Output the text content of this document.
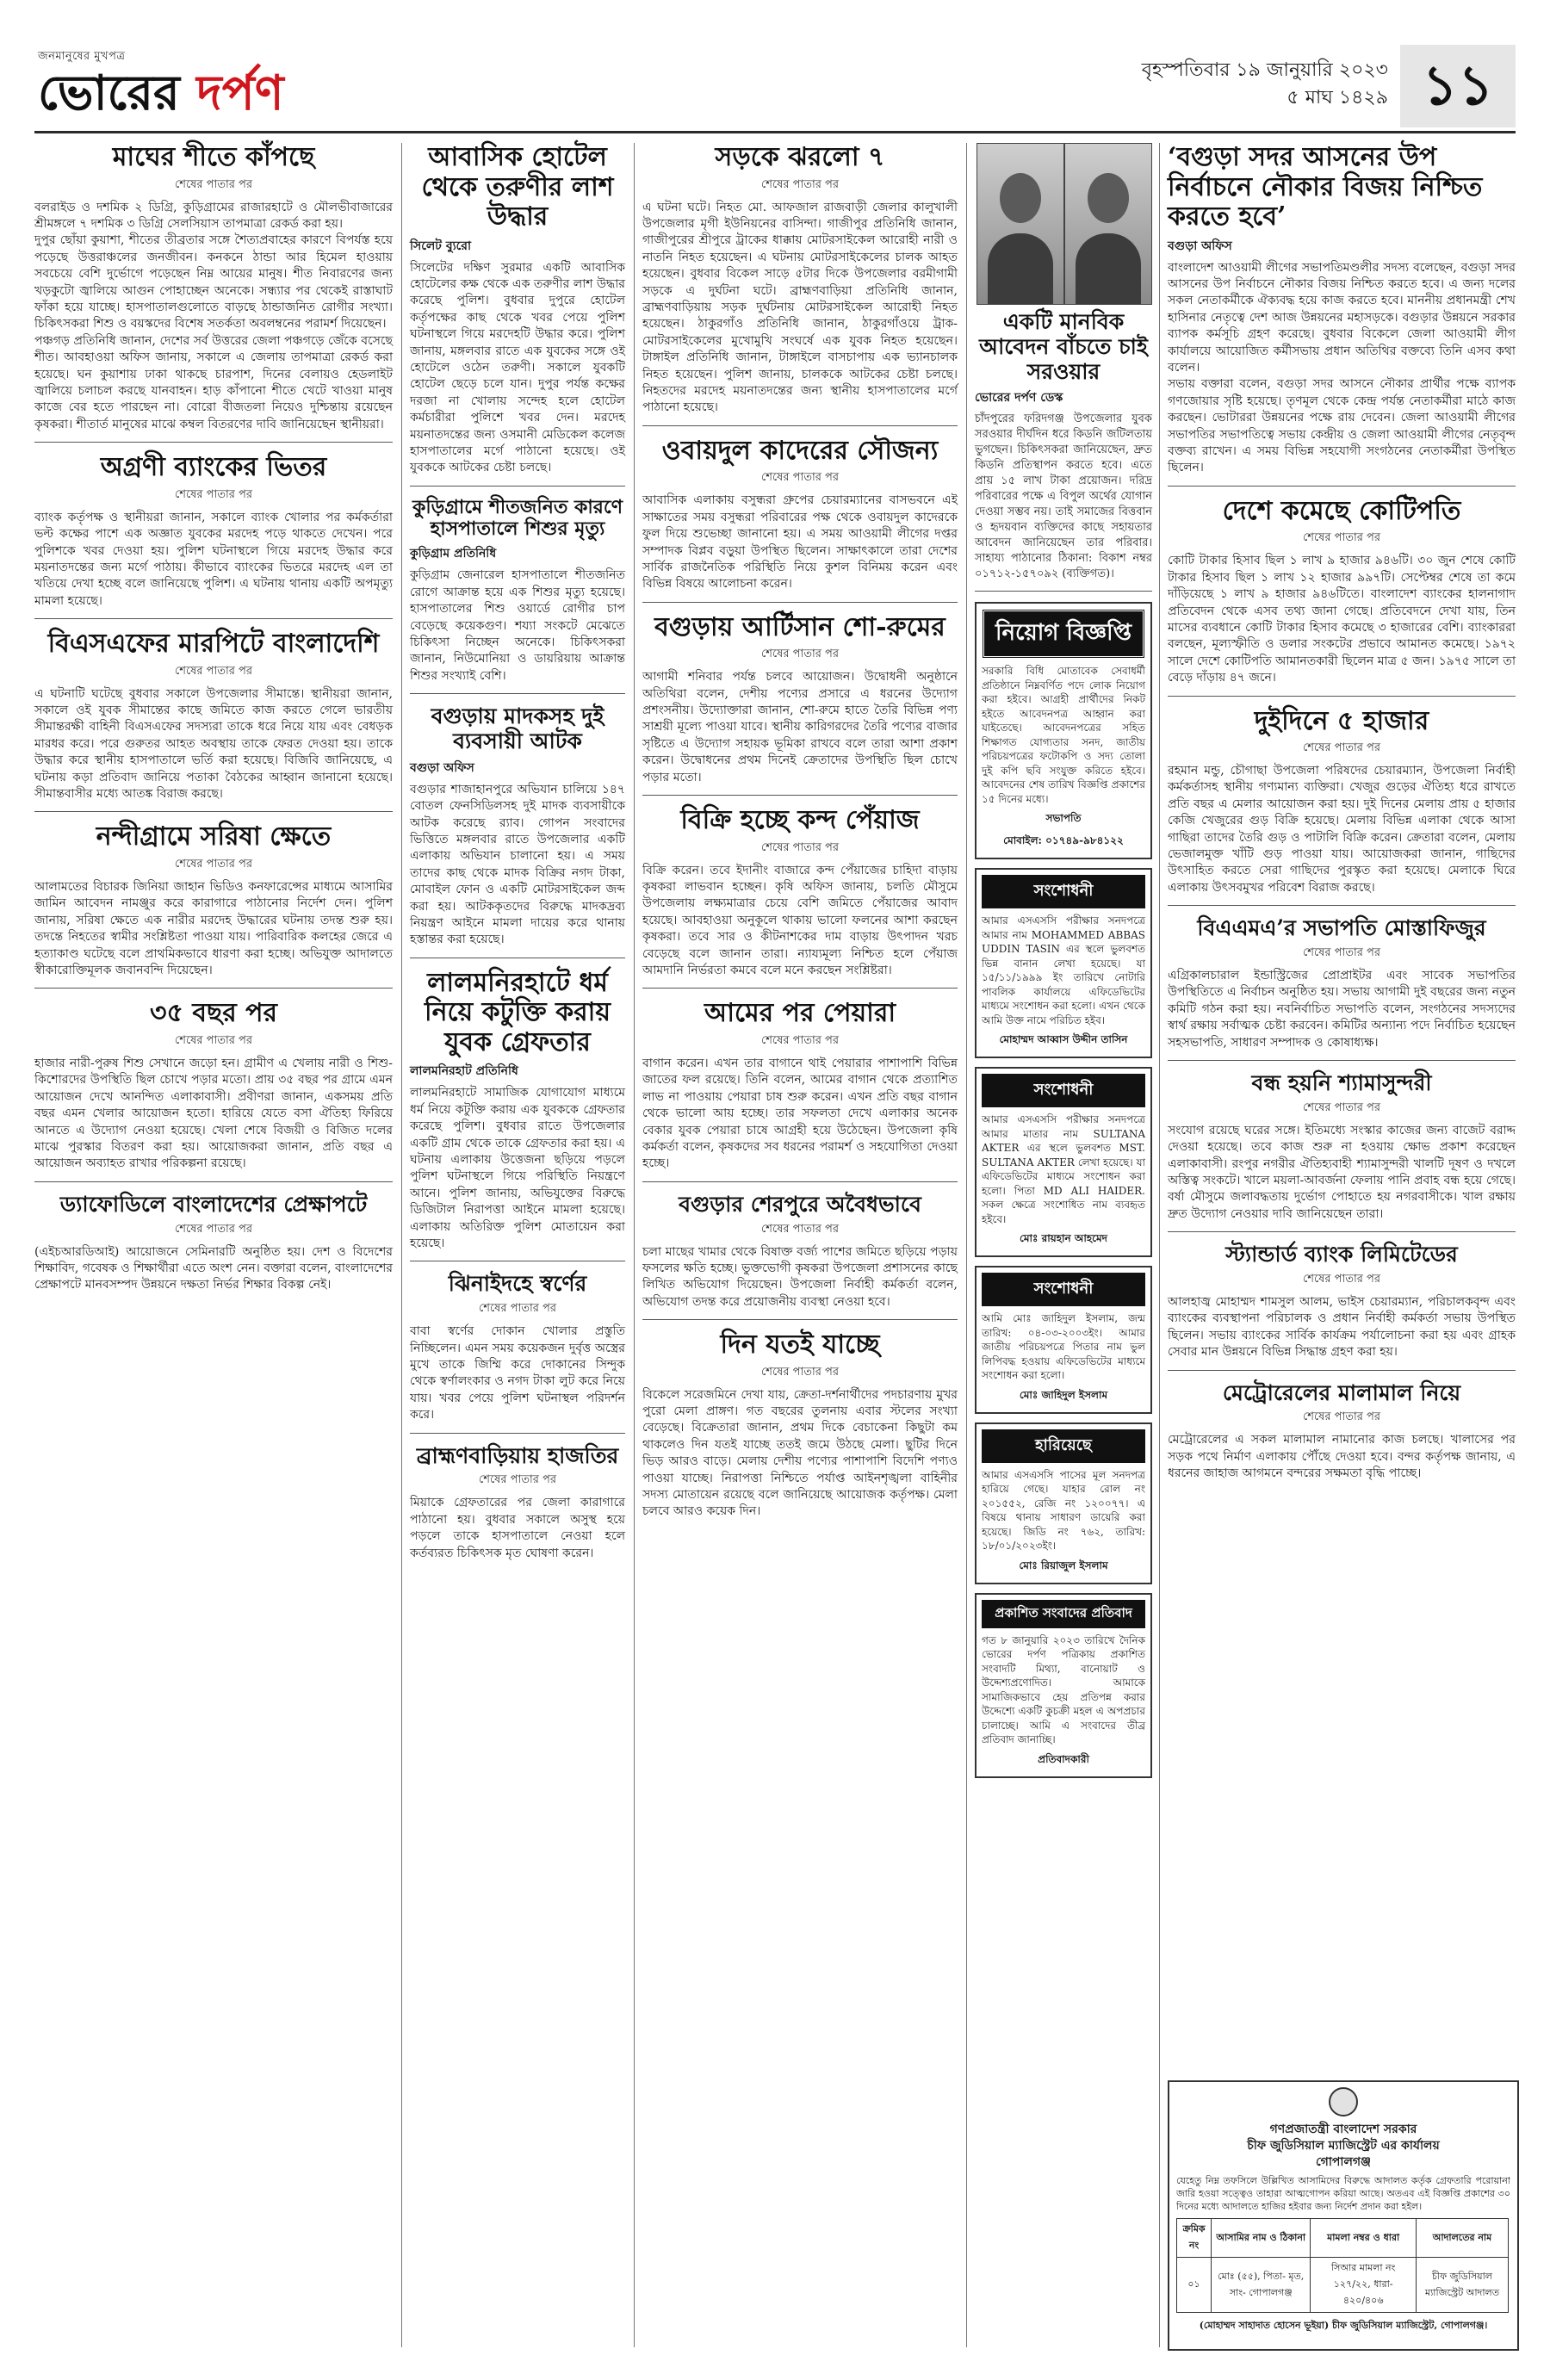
জনমানুষের মুখপত্র
ভোরের দর্পণ	বৃহস্পতিবার ১৯ জানুয়ারি ২০২৩
৫ মাঘ ১৪২৯ ১১
মাঘের শীতে কাঁপছে

শেষের পাতার পর

বলরাইড ও দশমিক ২ ডিগ্রি, কুড়িগ্রামের রাজারহাটে ও মৌলভীবাজারের শ্রীমঙ্গলে ৭ দশমিক ৩ ডিগ্রি সেলসিয়াস তাপমাত্রা রেকর্ড করা হয়।

দুপুর ছোঁয়া কুয়াশা, শীতের তীব্রতার সঙ্গে শৈত্যপ্রবাহের কারণে বিপর্যস্ত হয়ে পড়েছে উত্তরাঞ্চলের জনজীবন। কনকনে ঠান্ডা আর হিমেল হাওয়ায় সবচেয়ে বেশি দুর্ভোগে পড়েছেন নিম্ন আয়ের মানুষ। শীত নিবারণের জন্য খড়কুটো জ্বালিয়ে আগুন পোহাচ্ছেন অনেকে। সন্ধ্যার পর থেকেই রাস্তাঘাট ফাঁকা হয়ে যাচ্ছে। হাসপাতালগুলোতে বাড়ছে ঠান্ডাজনিত রোগীর সংখ্যা। চিকিৎসকরা শিশু ও বয়স্কদের বিশেষ সতর্কতা অবলম্বনের পরামর্শ দিয়েছেন।

পঞ্চগড় প্রতিনিধি জানান, দেশের সর্ব উত্তরের জেলা পঞ্চগড়ে জেঁকে বসেছে শীত। আবহাওয়া অফিস জানায়, সকালে এ জেলায় তাপমাত্রা রেকর্ড করা হয়েছে। ঘন কুয়াশায় ঢাকা থাকছে চারপাশ, দিনের বেলায়ও হেডলাইট জ্বালিয়ে চলাচল করছে যানবাহন। হাড় কাঁপানো শীতে খেটে খাওয়া মানুষ কাজে বের হতে পারছেন না। বোরো বীজতলা নিয়েও দুশ্চিন্তায় রয়েছেন কৃষকরা। শীতার্ত মানুষের মাঝে কম্বল বিতরণের দাবি জানিয়েছেন স্থানীয়রা।

অগ্রণী ব্যাংকের ভিতর

শেষের পাতার পর

ব্যাংক কর্তৃপক্ষ ও স্থানীয়রা জানান, সকালে ব্যাংক খোলার পর কর্মকর্তারা ভল্ট কক্ষের পাশে এক অজ্ঞাত যুবকের মরদেহ পড়ে থাকতে দেখেন। পরে পুলিশকে খবর দেওয়া হয়। পুলিশ ঘটনাস্থলে গিয়ে মরদেহ উদ্ধার করে ময়নাতদন্তের জন্য মর্গে পাঠায়। কীভাবে ব্যাংকের ভিতরে মরদেহ এল তা খতিয়ে দেখা হচ্ছে বলে জানিয়েছে পুলিশ। এ ঘটনায় থানায় একটি অপমৃত্যু মামলা হয়েছে।

বিএসএফের মারপিটে বাংলাদেশি

শেষের পাতার পর

এ ঘটনাটি ঘটেছে বুধবার সকালে উপজেলার সীমান্তে। স্থানীয়রা জানান, সকালে ওই যুবক সীমান্তের কাছে জমিতে কাজ করতে গেলে ভারতীয় সীমান্তরক্ষী বাহিনী বিএসএফের সদস্যরা তাকে ধরে নিয়ে যায় এবং বেধড়ক মারধর করে। পরে গুরুতর আহত অবস্থায় তাকে ফেরত দেওয়া হয়। তাকে উদ্ধার করে স্থানীয় হাসপাতালে ভর্তি করা হয়েছে। বিজিবি জানিয়েছে, এ ঘটনায় কড়া প্রতিবাদ জানিয়ে পতাকা বৈঠকের আহ্বান জানানো হয়েছে। সীমান্তবাসীর মধ্যে আতঙ্ক বিরাজ করছে।

নন্দীগ্রামে সরিষা ক্ষেতে

শেষের পাতার পর

আলামতের বিচারক জিনিয়া জাহান ভিডিও কনফারেন্সের মাধ্যমে আসামির জামিন আবেদন নামঞ্জুর করে কারাগারে পাঠানোর নির্দেশ দেন। পুলিশ জানায়, সরিষা ক্ষেতে এক নারীর মরদেহ উদ্ধারের ঘটনায় তদন্ত শুরু হয়। তদন্তে নিহতের স্বামীর সংশ্লিষ্টতা পাওয়া যায়। পারিবারিক কলহের জেরে এ হত্যাকাণ্ড ঘটেছে বলে প্রাথমিকভাবে ধারণা করা হচ্ছে। অভিযুক্ত আদালতে স্বীকারোক্তিমূলক জবানবন্দি দিয়েছেন।

৩৫ বছর পর

শেষের পাতার পর

হাজার নারী-পুরুষ শিশু সেখানে জড়ো হন। গ্রামীণ এ খেলায় নারী ও শিশু-কিশোরদের উপস্থিতি ছিল চোখে পড়ার মতো। প্রায় ৩৫ বছর পর গ্রামে এমন আয়োজন দেখে আনন্দিত এলাকাবাসী। প্রবীণরা জানান, একসময় প্রতি বছর এমন খেলার আয়োজন হতো। হারিয়ে যেতে বসা ঐতিহ্য ফিরিয়ে আনতে এ উদ্যোগ নেওয়া হয়েছে। খেলা শেষে বিজয়ী ও বিজিত দলের মাঝে পুরস্কার বিতরণ করা হয়। আয়োজকরা জানান, প্রতি বছর এ আয়োজন অব্যাহত রাখার পরিকল্পনা রয়েছে।

ড্যাফোডিলে বাংলাদেশের প্রেক্ষাপটে

শেষের পাতার পর

(এইচআরডিআই) আয়োজনে সেমিনারটি অনুষ্ঠিত হয়। দেশ ও বিদেশের শিক্ষাবিদ, গবেষক ও শিক্ষার্থীরা এতে অংশ নেন। বক্তারা বলেন, বাংলাদেশের প্রেক্ষাপটে মানবসম্পদ উন্নয়নে দক্ষতা নির্ভর শিক্ষার বিকল্প নেই।

আবাসিক হোটেল থেকে তরুণীর লাশ উদ্ধার

সিলেট ব্যুরো

সিলেটের দক্ষিণ সুরমার একটি আবাসিক হোটেলের কক্ষ থেকে এক তরুণীর লাশ উদ্ধার করেছে পুলিশ। বুধবার দুপুরে হোটেল কর্তৃপক্ষের কাছ থেকে খবর পেয়ে পুলিশ ঘটনাস্থলে গিয়ে মরদেহটি উদ্ধার করে। পুলিশ জানায়, মঙ্গলবার রাতে এক যুবকের সঙ্গে ওই হোটেলে ওঠেন তরুণী। সকালে যুবকটি হোটেল ছেড়ে চলে যান। দুপুর পর্যন্ত কক্ষের দরজা না খোলায় সন্দেহ হলে হোটেল কর্মচারীরা পুলিশে খবর দেন। মরদেহ ময়নাতদন্তের জন্য ওসমানী মেডিকেল কলেজ হাসপাতালের মর্গে পাঠানো হয়েছে। ওই যুবককে আটকের চেষ্টা চলছে।

কুড়িগ্রামে শীতজনিত কারণে হাসপাতালে শিশুর মৃত্যু

কুড়িগ্রাম প্রতিনিধি

কুড়িগ্রাম জেনারেল হাসপাতালে শীতজনিত রোগে আক্রান্ত হয়ে এক শিশুর মৃত্যু হয়েছে। হাসপাতালের শিশু ওয়ার্ডে রোগীর চাপ বেড়েছে কয়েকগুণ। শয্যা সংকটে মেঝেতে চিকিৎসা নিচ্ছেন অনেকে। চিকিৎসকরা জানান, নিউমোনিয়া ও ডায়রিয়ায় আক্রান্ত শিশুর সংখ্যাই বেশি।

বগুড়ায় মাদকসহ দুই ব্যবসায়ী আটক

বগুড়া অফিস

বগুড়ার শাজাহানপুরে অভিযান চালিয়ে ১৪৭ বোতল ফেনসিডিলসহ দুই মাদক ব্যবসায়ীকে আটক করেছে র‌্যাব। গোপন সংবাদের ভিত্তিতে মঙ্গলবার রাতে উপজেলার একটি এলাকায় অভিযান চালানো হয়। এ সময় তাদের কাছ থেকে মাদক বিক্রির নগদ টাকা, মোবাইল ফোন ও একটি মোটরসাইকেল জব্দ করা হয়। আটককৃতদের বিরুদ্ধে মাদকদ্রব্য নিয়ন্ত্রণ আইনে মামলা দায়ের করে থানায় হস্তান্তর করা হয়েছে।

লালমনিরহাটে ধর্ম নিয়ে কটুক্তি করায় যুবক গ্রেফতার

লালমনিরহাট প্রতিনিধি

লালমনিরহাটে সামাজিক যোগাযোগ মাধ্যমে ধর্ম নিয়ে কটুক্তি করায় এক যুবককে গ্রেফতার করেছে পুলিশ। বুধবার রাতে উপজেলার একটি গ্রাম থেকে তাকে গ্রেফতার করা হয়। এ ঘটনায় এলাকায় উত্তেজনা ছড়িয়ে পড়লে পুলিশ ঘটনাস্থলে গিয়ে পরিস্থিতি নিয়ন্ত্রণে আনে। পুলিশ জানায়, অভিযুক্তের বিরুদ্ধে ডিজিটাল নিরাপত্তা আইনে মামলা হয়েছে। এলাকায় অতিরিক্ত পুলিশ মোতায়েন করা হয়েছে।

ঝিনাইদহে স্বর্ণের

শেষের পাতার পর

বাবা স্বর্ণের দোকান খোলার প্রস্তুতি নিচ্ছিলেন। এমন সময় কয়েকজন দুর্বৃত্ত অস্ত্রের মুখে তাকে জিম্মি করে দোকানের সিন্দুক থেকে স্বর্ণালংকার ও নগদ টাকা লুট করে নিয়ে যায়। খবর পেয়ে পুলিশ ঘটনাস্থল পরিদর্শন করে।

ব্রাহ্মণবাড়িয়ায় হাজতির

শেষের পাতার পর

মিয়াকে গ্রেফতারের পর জেলা কারাগারে পাঠানো হয়। বুধবার সকালে অসুস্থ হয়ে পড়লে তাকে হাসপাতালে নেওয়া হলে কর্তব্যরত চিকিৎসক মৃত ঘোষণা করেন।

সড়কে ঝরলো ৭

শেষের পাতার পর

এ ঘটনা ঘটে। নিহত মো. আফজাল রাজবাড়ী জেলার কালুখালী উপজেলার মৃগী ইউনিয়নের বাসিন্দা। গাজীপুর প্রতিনিধি জানান, গাজীপুরের শ্রীপুরে ট্রাকের ধাক্কায় মোটরসাইকেল আরোহী নারী ও নাতনি নিহত হয়েছেন। এ ঘটনায় মোটরসাইকেলের চালক আহত হয়েছেন। বুধবার বিকেল সাড়ে ৫টার দিকে উপজেলার বরমীগামী সড়কে এ দুর্ঘটনা ঘটে। ব্রাহ্মণবাড়িয়া প্রতিনিধি জানান, ব্রাহ্মণবাড়িয়ায় সড়ক দুর্ঘটনায় মোটরসাইকেল আরোহী নিহত হয়েছেন। ঠাকুরগাঁও প্রতিনিধি জানান, ঠাকুরগাঁওয়ে ট্রাক-মোটরসাইকেলের মুখোমুখি সংঘর্ষে এক যুবক নিহত হয়েছেন। টাঙ্গাইল প্রতিনিধি জানান, টাঙ্গাইলে বাসচাপায় এক ভ্যানচালক নিহত হয়েছেন। পুলিশ জানায়, চালককে আটকের চেষ্টা চলছে। নিহতদের মরদেহ ময়নাতদন্তের জন্য স্থানীয় হাসপাতালের মর্গে পাঠানো হয়েছে।

ওবায়দুল কাদেরের সৌজন্য

শেষের পাতার পর

আবাসিক এলাকায় বসুন্ধরা গ্রুপের চেয়ারম্যানের বাসভবনে এই সাক্ষাতের সময় বসুন্ধরা পরিবারের পক্ষ থেকে ওবায়দুল কাদেরকে ফুল দিয়ে শুভেচ্ছা জানানো হয়। এ সময় আওয়ামী লীগের দপ্তর সম্পাদক বিপ্লব বড়ুয়া উপস্থিত ছিলেন। সাক্ষাৎকালে তারা দেশের সার্বিক রাজনৈতিক পরিস্থিতি নিয়ে কুশল বিনিময় করেন এবং বিভিন্ন বিষয়ে আলোচনা করেন।

বগুড়ায় আর্টিসান শো-রুমের

শেষের পাতার পর

আগামী শনিবার পর্যন্ত চলবে আয়োজন। উদ্বোধনী অনুষ্ঠানে অতিথিরা বলেন, দেশীয় পণ্যের প্রসারে এ ধরনের উদ্যোগ প্রশংসনীয়। উদ্যোক্তারা জানান, শো-রুমে হাতে তৈরি বিভিন্ন পণ্য সাশ্রয়ী মূল্যে পাওয়া যাবে। স্থানীয় কারিগরদের তৈরি পণ্যের বাজার সৃষ্টিতে এ উদ্যোগ সহায়ক ভূমিকা রাখবে বলে তারা আশা প্রকাশ করেন। উদ্বোধনের প্রথম দিনেই ক্রেতাদের উপস্থিতি ছিল চোখে পড়ার মতো।

বিক্রি হচ্ছে কন্দ পেঁয়াজ

শেষের পাতার পর

বিক্রি করেন। তবে ইদানীং বাজারে কন্দ পেঁয়াজের চাহিদা বাড়ায় কৃষকরা লাভবান হচ্ছেন। কৃষি অফিস জানায়, চলতি মৌসুমে উপজেলায় লক্ষ্যমাত্রার চেয়ে বেশি জমিতে পেঁয়াজের আবাদ হয়েছে। আবহাওয়া অনুকূলে থাকায় ভালো ফলনের আশা করছেন কৃষকরা। তবে সার ও কীটনাশকের দাম বাড়ায় উৎপাদন খরচ বেড়েছে বলে জানান তারা। ন্যায্যমূল্য নিশ্চিত হলে পেঁয়াজ আমদানি নির্ভরতা কমবে বলে মনে করছেন সংশ্লিষ্টরা।

আমের পর পেয়ারা

শেষের পাতার পর

বাগান করেন। এখন তার বাগানে থাই পেয়ারার পাশাপাশি বিভিন্ন জাতের ফল রয়েছে। তিনি বলেন, আমের বাগান থেকে প্রত্যাশিত লাভ না পাওয়ায় পেয়ারা চাষ শুরু করেন। এখন প্রতি বছর বাগান থেকে ভালো আয় হচ্ছে। তার সফলতা দেখে এলাকার অনেক বেকার যুবক পেয়ারা চাষে আগ্রহী হয়ে উঠেছেন। উপজেলা কৃষি কর্মকর্তা বলেন, কৃষকদের সব ধরনের পরামর্শ ও সহযোগিতা দেওয়া হচ্ছে।

বগুড়ার শেরপুরে অবৈধভাবে

শেষের পাতার পর

চলা মাছের খামার থেকে বিষাক্ত বর্জ্য পাশের জমিতে ছড়িয়ে পড়ায় ফসলের ক্ষতি হচ্ছে। ভুক্তভোগী কৃষকরা উপজেলা প্রশাসনের কাছে লিখিত অভিযোগ দিয়েছেন। উপজেলা নির্বাহী কর্মকর্তা বলেন, অভিযোগ তদন্ত করে প্রয়োজনীয় ব্যবস্থা নেওয়া হবে।

দিন যতই যাচ্ছে

শেষের পাতার পর

বিকেলে সরেজমিনে দেখা যায়, ক্রেতা-দর্শনার্থীদের পদচারণায় মুখর পুরো মেলা প্রাঙ্গণ। গত বছরের তুলনায় এবার স্টলের সংখ্যা বেড়েছে। বিক্রেতারা জানান, প্রথম দিকে বেচাকেনা কিছুটা কম থাকলেও দিন যতই যাচ্ছে ততই জমে উঠছে মেলা। ছুটির দিনে ভিড় আরও বাড়ে। মেলায় দেশীয় পণ্যের পাশাপাশি বিদেশি পণ্যও পাওয়া যাচ্ছে। নিরাপত্তা নিশ্চিতে পর্যাপ্ত আইনশৃঙ্খলা বাহিনীর সদস্য মোতায়েন রয়েছে বলে জানিয়েছে আয়োজক কর্তৃপক্ষ। মেলা চলবে আরও কয়েক দিন।

একটি মানবিক আবেদন বাঁচতে চাই সরওয়ার

ভোরের দর্পণ ডেস্ক

চাঁদপুরের ফরিদগঞ্জ উপজেলার যুবক সরওয়ার দীর্ঘদিন ধরে কিডনি জটিলতায় ভুগছেন। চিকিৎসকরা জানিয়েছেন, দ্রুত কিডনি প্রতিস্থাপন করতে হবে। এতে প্রায় ১৫ লাখ টাকা প্রয়োজন। দরিদ্র পরিবারের পক্ষে এ বিপুল অর্থের যোগান দেওয়া সম্ভব নয়। তাই সমাজের বিত্তবান ও হৃদয়বান ব্যক্তিদের কাছে সহায়তার আবেদন জানিয়েছেন তার পরিবার। সাহায্য পাঠানোর ঠিকানা: বিকাশ নম্বর ০১৭১২-১৫৭০৯২ (ব্যক্তিগত)।

নিয়োগ বিজ্ঞপ্তি

সরকারি বিধি মোতাবেক সেবাধর্মী প্রতিষ্ঠানে নিম্নবর্ণিত পদে লোক নিয়োগ করা হইবে। আগ্রহী প্রার্থীদের নিকট হইতে আবেদনপত্র আহ্বান করা যাইতেছে। আবেদনপত্রের সহিত শিক্ষাগত যোগ্যতার সনদ, জাতীয় পরিচয়পত্রের ফটোকপি ও সদ্য তোলা দুই কপি ছবি সংযুক্ত করিতে হইবে। আবেদনের শেষ তারিখ বিজ্ঞপ্তি প্রকাশের ১৫ দিনের মধ্যে।

সভাপতি

মোবাইল: ০১৭৪৯-৯৮৪১২২

সংশোধনী

আমার এসএসসি পরীক্ষার সনদপত্রে আমার নাম MOHAMMED ABBAS UDDIN TASIN এর স্থলে ভুলবশত ভিন্ন বানান লেখা হয়েছে। যা ১৫/১১/১৯৯৯ ইং তারিখে নোটারি পাবলিক কার্যালয়ে এফিডেভিটের মাধ্যমে সংশোধন করা হলো। এখন থেকে আমি উক্ত নামে পরিচিত হইব।

মোহাম্মদ আব্বাস উদ্দীন তাসিন

সংশোধনী

আমার এসএসসি পরীক্ষার সনদপত্রে আমার মাতার নাম SULTANA AKTER এর স্থলে ভুলবশত MST. SULTANA AKTER লেখা হয়েছে। যা এফিডেভিটের মাধ্যমে সংশোধন করা হলো। পিতা MD ALI HAIDER. সকল ক্ষেত্রে সংশোধিত নাম ব্যবহৃত হইবে।

মোঃ রায়হান আহমেদ

সংশোধনী

আমি মোঃ জাহিদুল ইসলাম, জন্ম তারিখ: ০৪-০৩-২০০৩ইং। আমার জাতীয় পরিচয়পত্রে পিতার নাম ভুল লিপিবদ্ধ হওয়ায় এফিডেভিটের মাধ্যমে সংশোধন করা হলো।

মোঃ জাহিদুল ইসলাম

হারিয়েছে

আমার এসএসসি পাসের মূল সনদপত্র হারিয়ে গেছে। যাহার রোল নং ২০১৫৫২, রেজি নং ১২০০৭৭। এ বিষয়ে থানায় সাধারণ ডায়েরি করা হয়েছে। জিডি নং ৭৬২, তারিখ: ১৮/০১/২০২৩ইং।

মোঃ রিয়াজুল ইসলাম

প্রকাশিত সংবাদের প্রতিবাদ

গত ৮ জানুয়ারি ২০২৩ তারিখে দৈনিক ভোরের দর্পণ পত্রিকায় প্রকাশিত সংবাদটি মিথ্যা, বানোয়াট ও উদ্দেশ্যপ্রণোদিত। আমাকে সামাজিকভাবে হেয় প্রতিপন্ন করার উদ্দেশ্যে একটি কুচক্রী মহল এ অপপ্রচার চালাচ্ছে। আমি এ সংবাদের তীব্র প্রতিবাদ জানাচ্ছি।

প্রতিবাদকারী

‘বগুড়া সদর আসনের উপ নির্বাচনে নৌকার বিজয় নিশ্চিত করতে হবে’

বগুড়া অফিস

বাংলাদেশ আওয়ামী লীগের সভাপতিমণ্ডলীর সদস্য বলেছেন, বগুড়া সদর আসনের উপ নির্বাচনে নৌকার বিজয় নিশ্চিত করতে হবে। এ জন্য দলের সকল নেতাকর্মীকে ঐক্যবদ্ধ হয়ে কাজ করতে হবে। মাননীয় প্রধানমন্ত্রী শেখ হাসিনার নেতৃত্বে দেশ আজ উন্নয়নের মহাসড়কে। বগুড়ার উন্নয়নে সরকার ব্যাপক কর্মসূচি গ্রহণ করেছে। বুধবার বিকেলে জেলা আওয়ামী লীগ কার্যালয়ে আয়োজিত কর্মীসভায় প্রধান অতিথির বক্তব্যে তিনি এসব কথা বলেন।

সভায় বক্তারা বলেন, বগুড়া সদর আসনে নৌকার প্রার্থীর পক্ষে ব্যাপক গণজোয়ার সৃষ্টি হয়েছে। তৃণমূল থেকে কেন্দ্র পর্যন্ত নেতাকর্মীরা মাঠে কাজ করছেন। ভোটাররা উন্নয়নের পক্ষে রায় দেবেন। জেলা আওয়ামী লীগের সভাপতির সভাপতিত্বে সভায় কেন্দ্রীয় ও জেলা আওয়ামী লীগের নেতৃবৃন্দ বক্তব্য রাখেন। এ সময় বিভিন্ন সহযোগী সংগঠনের নেতাকর্মীরা উপস্থিত ছিলেন।

দেশে কমেছে কোটিপতি

শেষের পাতার পর

কোটি টাকার হিসাব ছিল ১ লাখ ৯ হাজার ৯৪৬টি। ৩০ জুন শেষে কোটি টাকার হিসাব ছিল ১ লাখ ১২ হাজার ৯৯৭টি। সেপ্টেম্বর শেষে তা কমে দাঁড়িয়েছে ১ লাখ ৯ হাজার ৯৪৬টিতে। বাংলাদেশ ব্যাংকের হালনাগাদ প্রতিবেদন থেকে এসব তথ্য জানা গেছে। প্রতিবেদনে দেখা যায়, তিন মাসের ব্যবধানে কোটি টাকার হিসাব কমেছে ৩ হাজারের বেশি। ব্যাংকাররা বলছেন, মূল্যস্ফীতি ও ডলার সংকটের প্রভাবে আমানত কমেছে। ১৯৭২ সালে দেশে কোটিপতি আমানতকারী ছিলেন মাত্র ৫ জন। ১৯৭৫ সালে তা বেড়ে দাঁড়ায় ৪৭ জনে।

দুইদিনে ৫ হাজার

শেষের পাতার পর

রহমান মন্ডু, চৌগাছা উপজেলা পরিষদের চেয়ারম্যান, উপজেলা নির্বাহী কর্মকর্তাসহ স্থানীয় গণ্যমান্য ব্যক্তিরা। খেজুর গুড়ের ঐতিহ্য ধরে রাখতে প্রতি বছর এ মেলার আয়োজন করা হয়। দুই দিনের মেলায় প্রায় ৫ হাজার কেজি খেজুরের গুড় বিক্রি হয়েছে। মেলায় বিভিন্ন এলাকা থেকে আসা গাছিরা তাদের তৈরি গুড় ও পাটালি বিক্রি করেন। ক্রেতারা বলেন, মেলায় ভেজালমুক্ত খাঁটি গুড় পাওয়া যায়। আয়োজকরা জানান, গাছিদের উৎসাহিত করতে সেরা গাছিদের পুরস্কৃত করা হয়েছে। মেলাকে ঘিরে এলাকায় উৎসবমুখর পরিবেশ বিরাজ করছে।

বিএএমএ’র সভাপতি মোস্তাফিজুর

শেষের পাতার পর

এগ্রিকালচারাল ইন্ডাস্ট্রিজের প্রোপ্রাইটর এবং সাবেক সভাপতির উপস্থিতিতে এ নির্বাচন অনুষ্ঠিত হয়। সভায় আগামী দুই বছরের জন্য নতুন কমিটি গঠন করা হয়। নবনির্বাচিত সভাপতি বলেন, সংগঠনের সদস্যদের স্বার্থ রক্ষায় সর্বাত্মক চেষ্টা করবেন। কমিটির অন্যান্য পদে নির্বাচিত হয়েছেন সহসভাপতি, সাধারণ সম্পাদক ও কোষাধ্যক্ষ।

বন্ধ হয়নি শ্যামাসুন্দরী

শেষের পাতার পর

সংযোগ রয়েছে ঘরের সঙ্গে। ইতিমধ্যে সংস্কার কাজের জন্য বাজেট বরাদ্দ দেওয়া হয়েছে। তবে কাজ শুরু না হওয়ায় ক্ষোভ প্রকাশ করেছেন এলাকাবাসী। রংপুর নগরীর ঐতিহ্যবাহী শ্যামাসুন্দরী খালটি দূষণ ও দখলে অস্তিত্ব সংকটে। খালে ময়লা-আবর্জনা ফেলায় পানি প্রবাহ বন্ধ হয়ে গেছে। বর্ষা মৌসুমে জলাবদ্ধতায় দুর্ভোগ পোহাতে হয় নগরবাসীকে। খাল রক্ষায় দ্রুত উদ্যোগ নেওয়ার দাবি জানিয়েছেন তারা।

স্ট্যান্ডার্ড ব্যাংক লিমিটেডের

শেষের পাতার পর

আলহাজ্ব মোহাম্মদ শামসুল আলম, ভাইস চেয়ারম্যান, পরিচালকবৃন্দ এবং ব্যাংকের ব্যবস্থাপনা পরিচালক ও প্রধান নির্বাহী কর্মকর্তা সভায় উপস্থিত ছিলেন। সভায় ব্যাংকের সার্বিক কার্যক্রম পর্যালোচনা করা হয় এবং গ্রাহক সেবার মান উন্নয়নে বিভিন্ন সিদ্ধান্ত গ্রহণ করা হয়।

মেট্রোরেলের মালামাল নিয়ে

শেষের পাতার পর

মেট্রোরেলের এ সকল মালামাল নামানোর কাজ চলছে। খালাসের পর সড়ক পথে নির্মাণ এলাকায় পৌঁছে দেওয়া হবে। বন্দর কর্তৃপক্ষ জানায়, এ ধরনের জাহাজ আগমনে বন্দরের সক্ষমতা বৃদ্ধি পাচ্ছে।

গণপ্রজাতন্ত্রী বাংলাদেশ সরকার
চীফ জুডিসিয়াল ম্যাজিস্ট্রেট এর কার্যালয়
গোপালগঞ্জ

যেহেতু নিম্ন তফসিলে উল্লিখিত আসামিদের বিরুদ্ধে আদালত কর্তৃক গ্রেফতারি পরোয়ানা জারি হওয়া সত্ত্বেও তাহারা আত্মগোপন করিয়া আছে। অতএব এই বিজ্ঞপ্তি প্রকাশের ৩০ দিনের মধ্যে আদালতে হাজির হইবার জন্য নির্দেশ প্রদান করা হইল।

ক্রমিক নং	আসামির নাম ও ঠিকানা	মামলা নম্বর ও ধারা	আদালতের নাম
০১	মোঃ (৫৫), পিতা- মৃত, সাং- গোপালগঞ্জ	সিআর মামলা নং ১২৭/২২, ধারা- ৪২০/৪০৬	চীফ জুডিসিয়াল ম্যাজিস্ট্রেট আদালত

(মোহাম্মদ সাহাদাত হোসেন ভূইয়া) চীফ জুডিসিয়াল ম্যাজিস্ট্রেট, গোপালগঞ্জ।
